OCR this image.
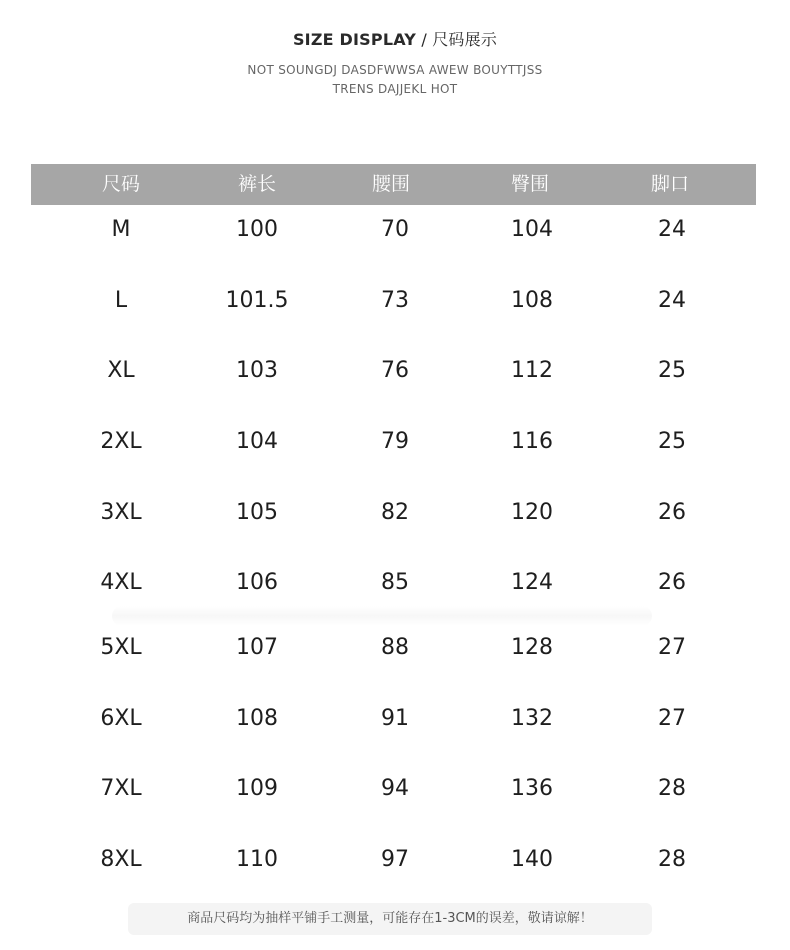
SIZE DISPLAY / 尺码展示
NOT SOUNGDJ DASDFWWSA AWEW BOUYTTJSS
TRENS DAJJEKL HOT
尺码	裤长	腰围	臀围	脚口
M	100	70	104	24
L	101.5	73	108	24
XL	103	76	112	25
2XL	104	79	116	25
3XL	105	82	120	26
4XL	106	85	124	26
5XL	107	88	128	27
6XL	108	91	132	27
7XL	109	94	136	28
8XL	110	97	140	28
商品尺码均为抽样平铺手工测量，可能存在1-3CM的误差，敬请谅解！
